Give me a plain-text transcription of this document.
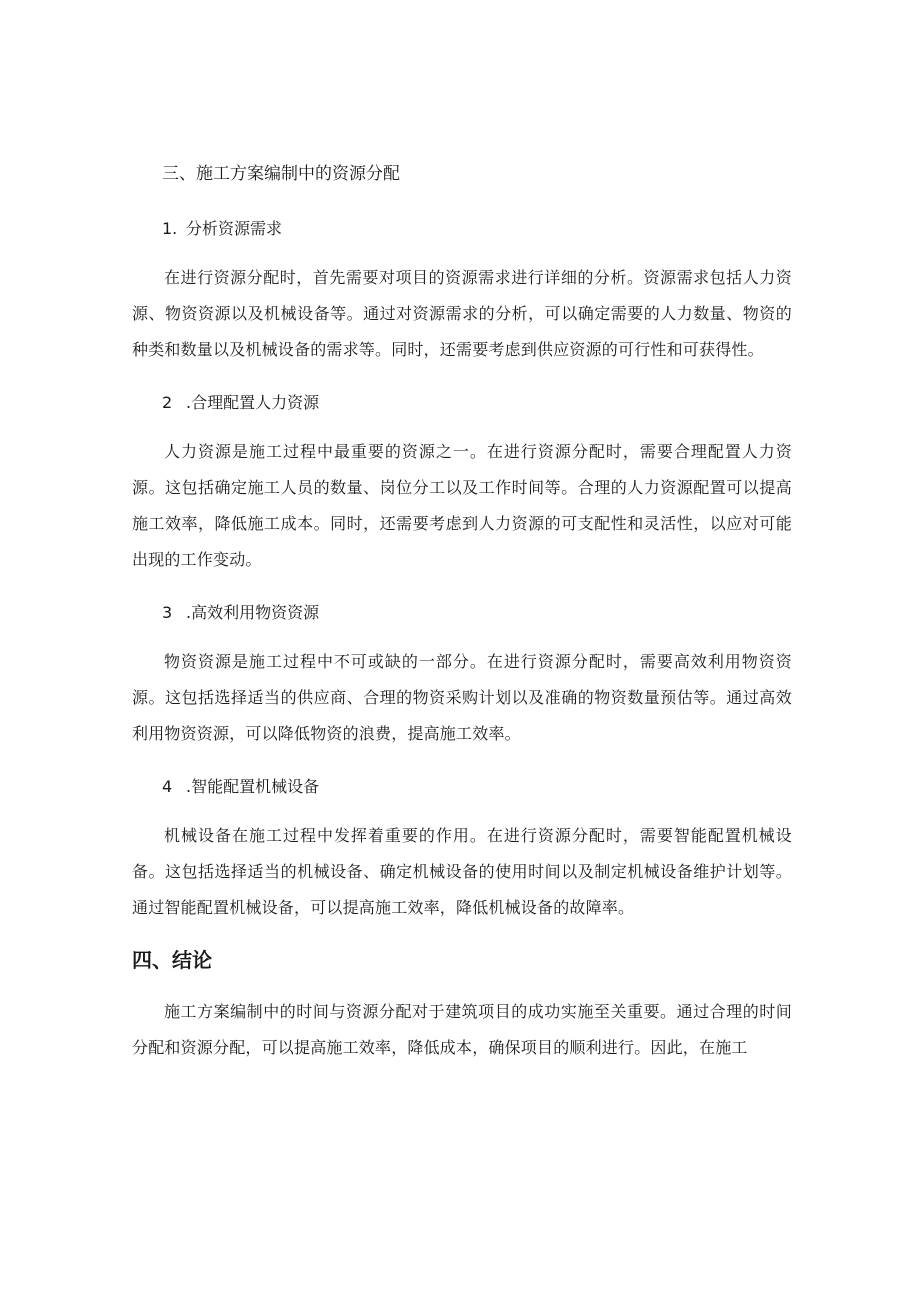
三、施工方案编制中的资源分配
1. 分析资源需求

在进行资源分配时，首先需要对项目的资源需求进行详细的分析。资源需求包括人力资源、物资资源以及机械设备等。通过对资源需求的分析，可以确定需要的人力数量、物资的种类和数量以及机械设备的需求等。同时，还需要考虑到供应资源的可行性和可获得性。

2 .合理配置人力资源

人力资源是施工过程中最重要的资源之一。在进行资源分配时，需要合理配置人力资源。这包括确定施工人员的数量、岗位分工以及工作时间等。合理的人力资源配置可以提高施工效率，降低施工成本。同时，还需要考虑到人力资源的可支配性和灵活性，以应对可能出现的工作变动。

3 .高效利用物资资源

物资资源是施工过程中不可或缺的一部分。在进行资源分配时，需要高效利用物资资源。这包括选择适当的供应商、合理的物资采购计划以及准确的物资数量预估等。通过高效利用物资资源，可以降低物资的浪费，提高施工效率。

4 .智能配置机械设备

机械设备在施工过程中发挥着重要的作用。在进行资源分配时，需要智能配置机械设备。这包括选择适当的机械设备、确定机械设备的使用时间以及制定机械设备维护计划等。通过智能配置机械设备，可以提高施工效率，降低机械设备的故障率。

四、结论

施工方案编制中的时间与资源分配对于建筑项目的成功实施至关重要。通过合理的时间分配和资源分配，可以提高施工效率，降低成本，确保项目的顺利进行。因此，在施工
